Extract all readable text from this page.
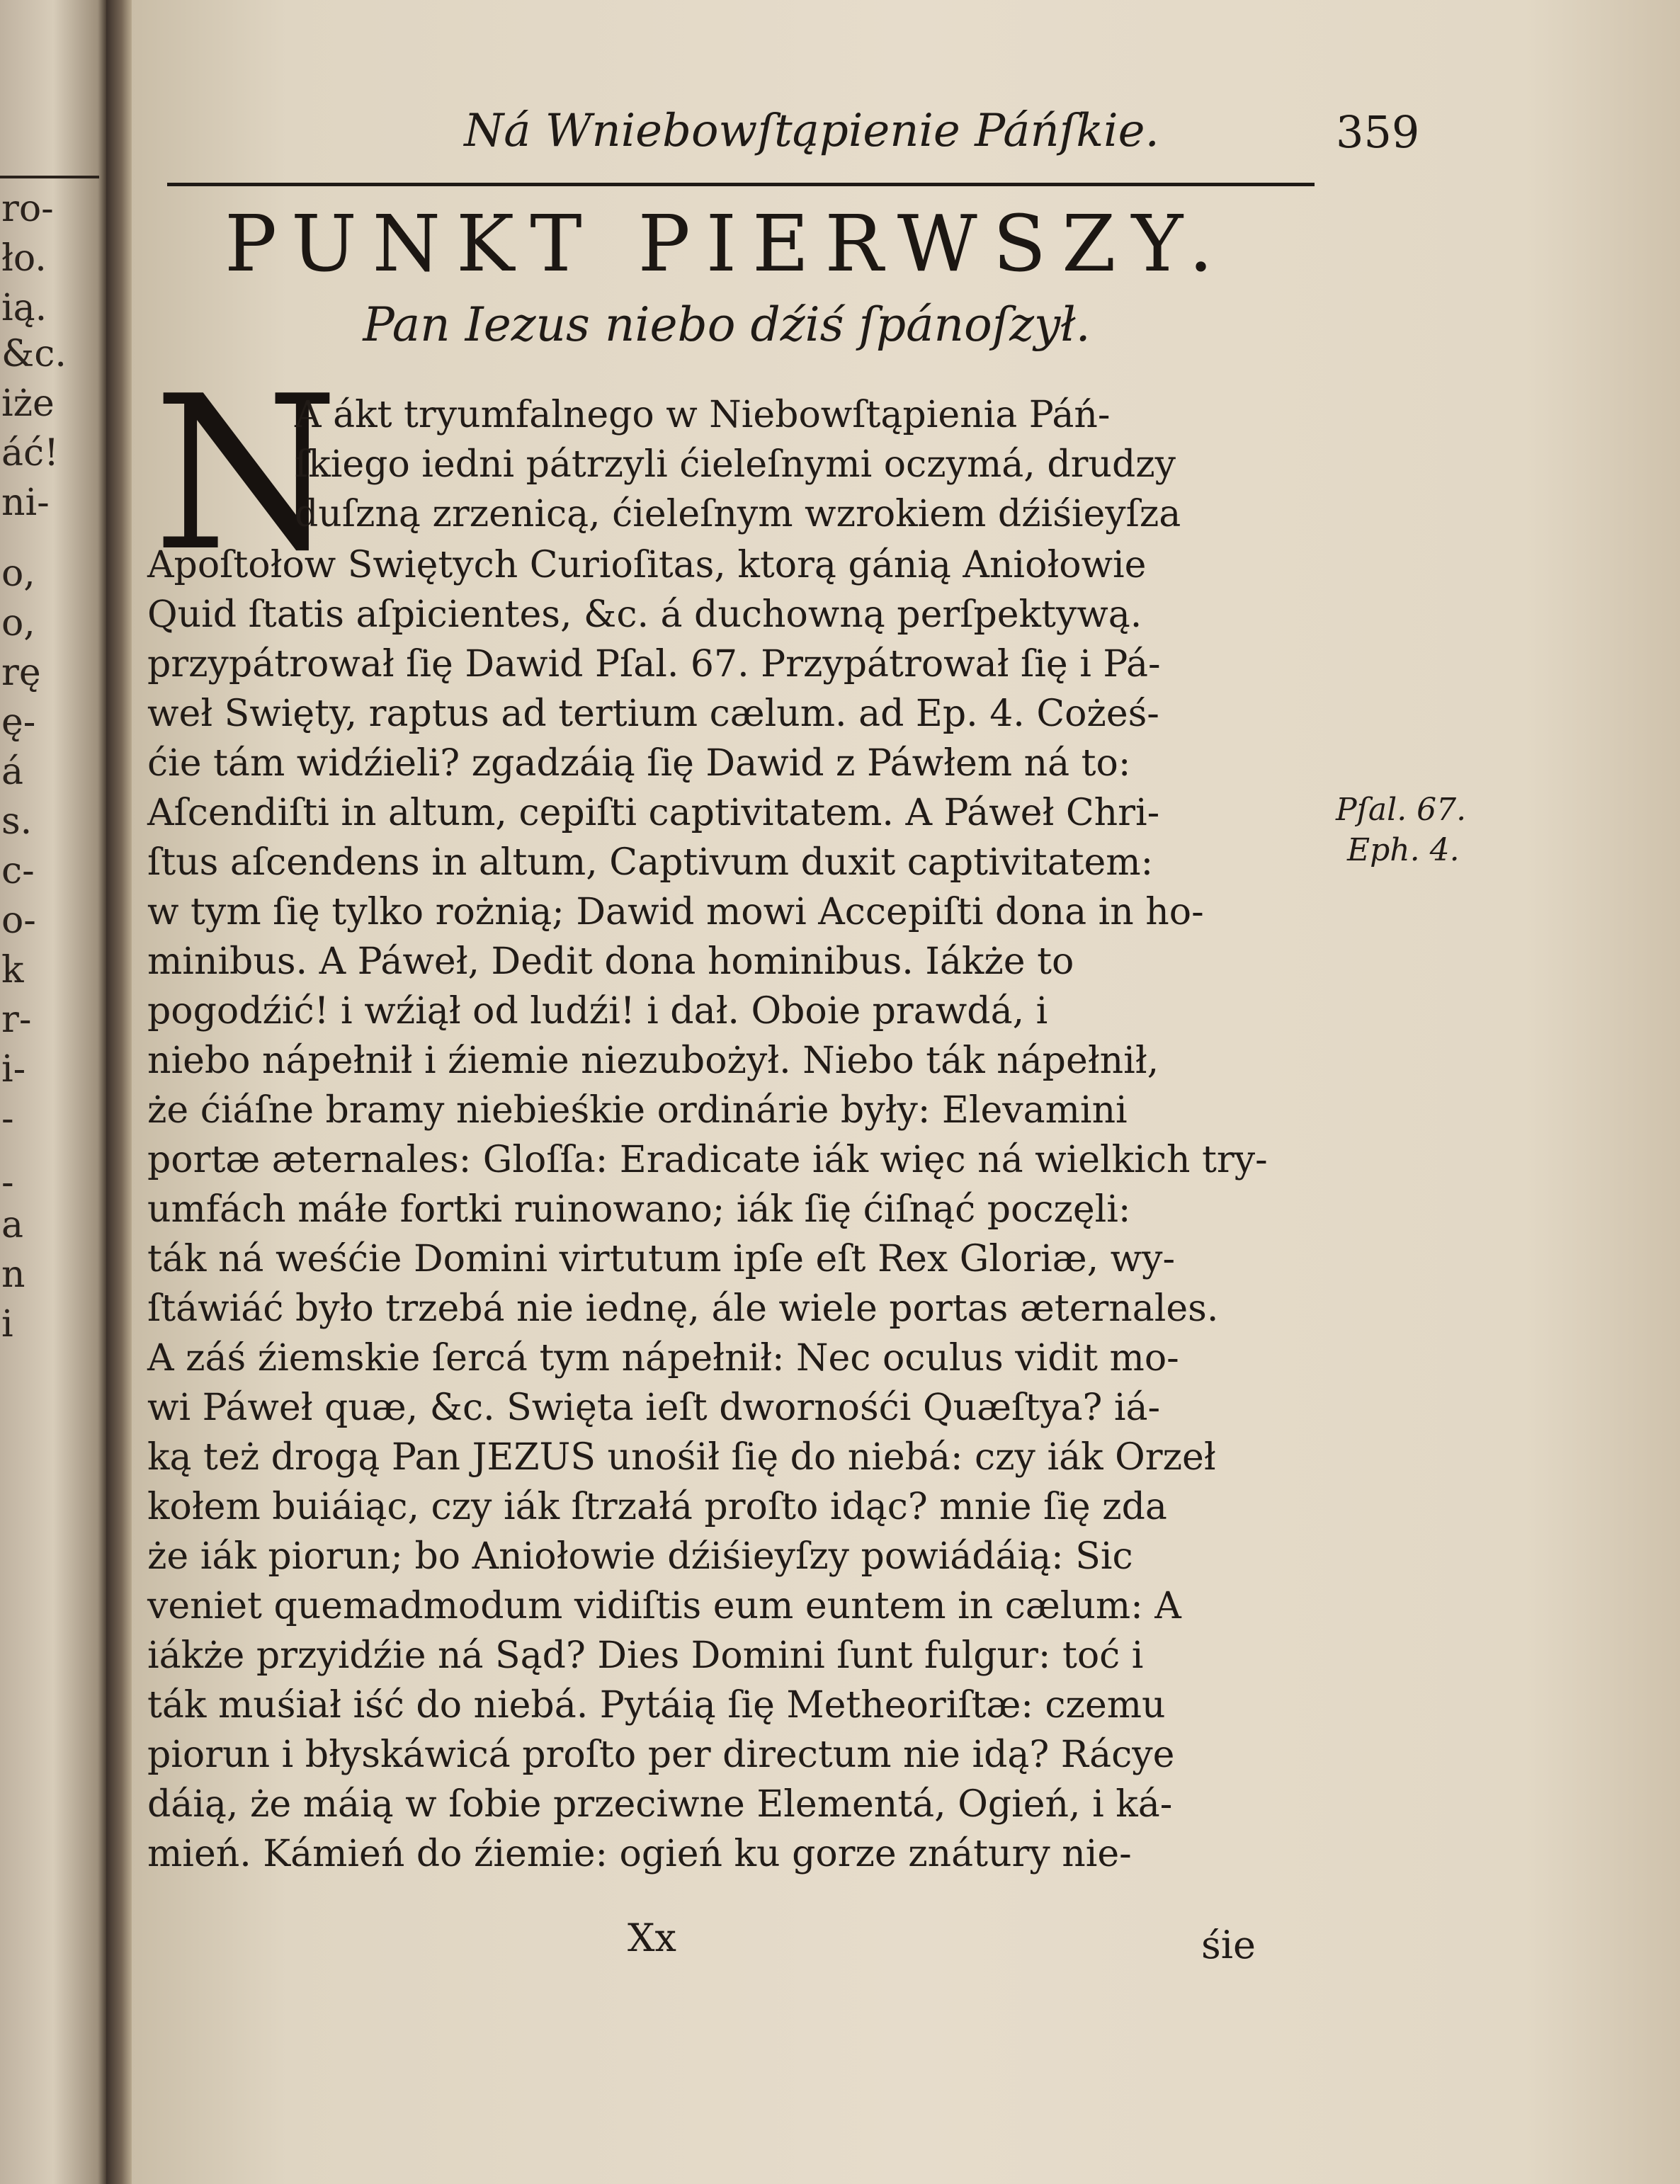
ro-
ło.
ią.
&c.
iże
áć!
ni-
o,
o,
rę
ę-
á
s.
c-
o-
k
r-
i-
-
-
a
n
i
Ná Wniebowſtąpienie Páńſkie.	359
PUNKT PIERWSZY.
Pan Iezus niebo dźiś ſpánoſzył.
N
A ákt tryumfalnego w Niebowſtąpienia Páń-
ſkiego iedni pátrzyli ćieleſnymi oczymá, drudzy
duſzną zrzenicą, ćieleſnym wzrokiem dźiśieyſza
Apoſtołow Swiętych Curioſitas, ktorą gánią Aniołowie
Quid ſtatis aſpicientes, &c. á duchowną perſpektywą.
przypátrował ſię Dawid Pſal. 67. Przypátrował ſię i Pá-
weł Swięty, raptus ad tertium cælum. ad Ep. 4. Cożeś-
ćie tám widźieli? zgadzáią ſię Dawid z Páwłem ná to:
Aſcendiſti in altum, cepiſti captivitatem. A Páweł Chri-
ſtus aſcendens in altum, Captivum duxit captivitatem:
w tym ſię tylko rożnią; Dawid mowi Accepiſti dona in ho-
minibus. A Páweł, Dedit dona hominibus. Iákże to
pogodźić! i wźiął od ludźi! i dał. Oboie prawdá, i
niebo nápełnił i źiemie niezubożył. Niebo ták nápełnił,
że ćiáſne bramy niebieśkie ordinárie były: Elevamini
portæ æternales: Gloſſa: Eradicate iák więc ná wielkich try-
umfách máłe fortki ruinowano; iák ſię ćiſnąć poczęli:
ták ná weśćie Domini virtutum ipſe eſt Rex Gloriæ, wy-
ſtáwiáć było trzebá nie iednę, ále wiele portas æternales.
A záś źiemskie ſercá tym nápełnił: Nec oculus vidit mo-
wi Páweł quæ, &c. Swięta ieſt dwornośći Quæſtya? iá-
ką też drogą Pan JEZUS unośił ſię do niebá: czy iák Orzeł
kołem buiáiąc, czy iák ſtrzałá proſto idąc? mnie ſię zda
że iák piorun; bo Aniołowie dźiśieyſzy powiádáią: Sic
veniet quemadmodum vidiſtis eum euntem in cælum: A
iákże przyidźie ná Sąd? Dies Domini ſunt fulgur: toć i
ták muśiał iść do niebá. Pytáią ſię Metheoriſtæ: czemu
piorun i błyskáwicá proſto per directum nie idą? Rácye
dáią, że máią w ſobie przeciwne Elementá, Ogień, i ká-
mień. Kámień do źiemie: ogień ku gorze znátury nie-
Pſal. 67.
Eph. 4.
Xx	śie
